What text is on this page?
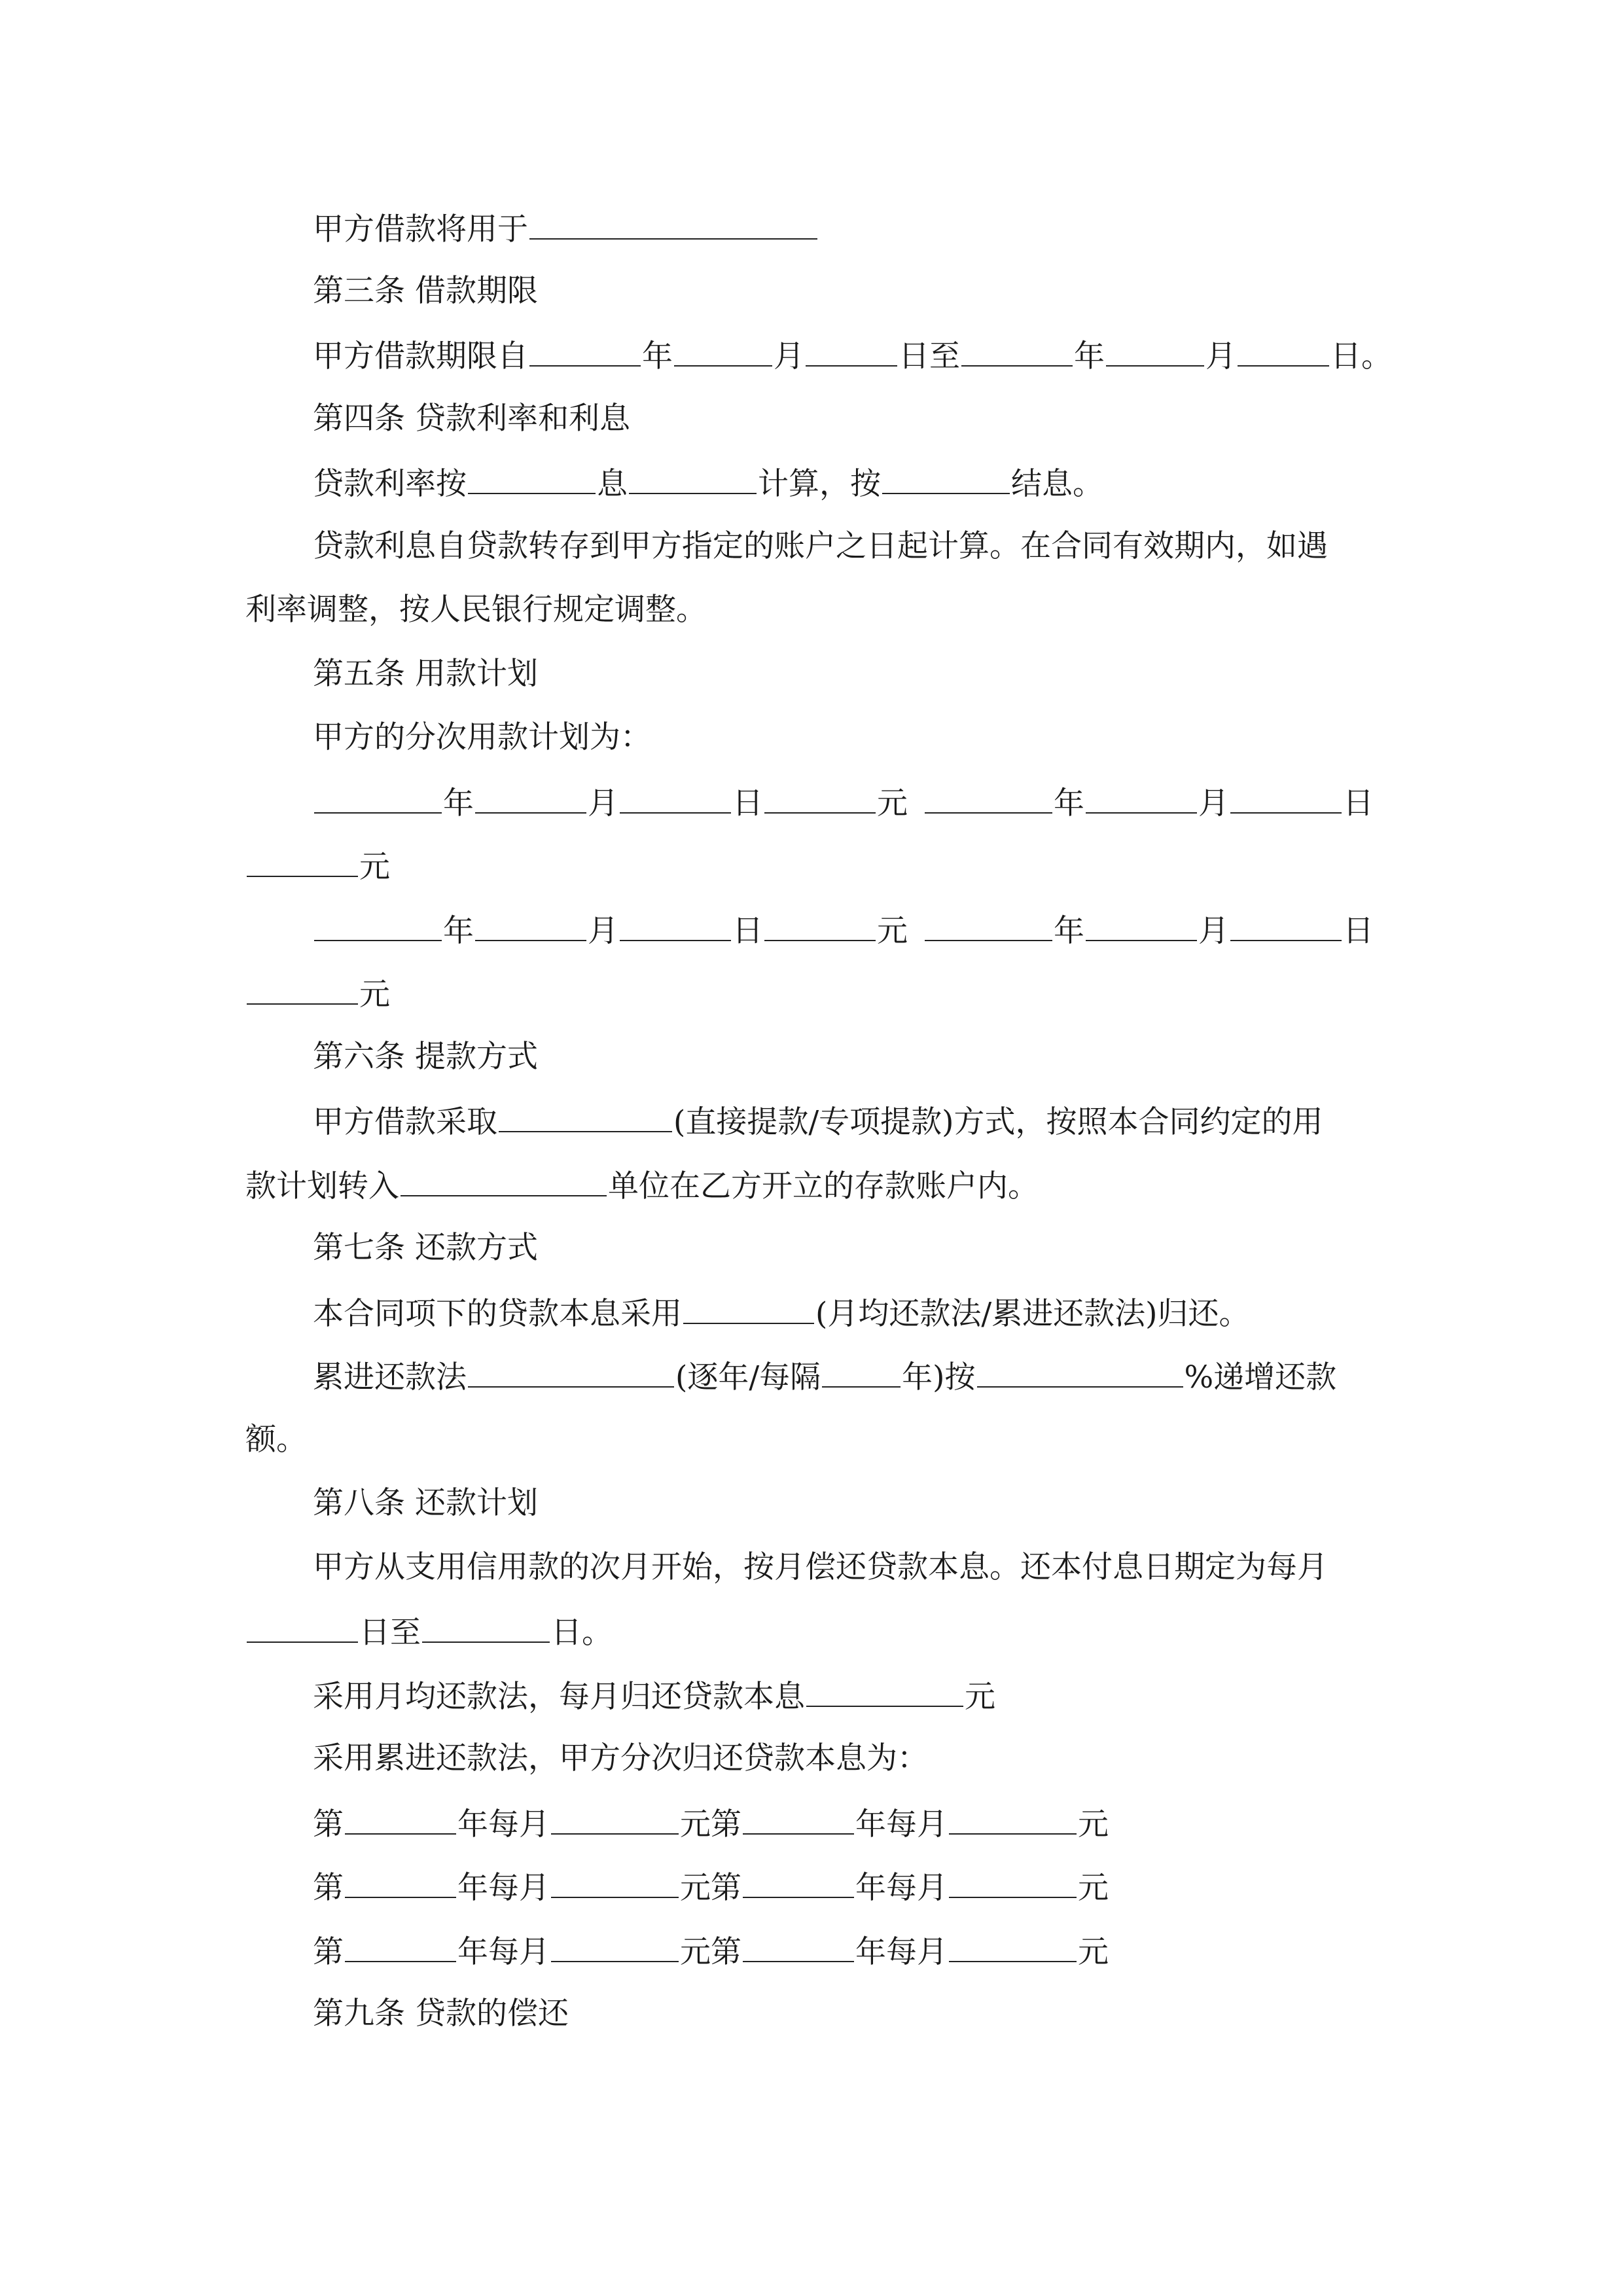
甲方借款将用于
第三条 借款期限
甲方借款期限自	年	月	日至	年	月	日。
第四条 贷款利率和利息
贷款利率按	息	计算，按	结息。
贷款利息自贷款转存到甲方指定的账户之日起计算。在合同有效期内，如遇
利率调整，按人民银行规定调整。
第五条 用款计划
甲方的分次用款计划为：
年	月	日	元	年	月	日
元
年	月	日	元	年	月	日
元
第六条 提款方式
甲方借款采取	(直接提款/专项提款)方式，按照本合同约定的用
款计划转入	单位在乙方开立的存款账户内。
第七条 还款方式
本合同项下的贷款本息采用	(月均还款法/累进还款法)归还。
累进还款法	(逐年/每隔	年)按	%递增还款
额。
第八条 还款计划
甲方从支用信用款的次月开始，按月偿还贷款本息。还本付息日期定为每月
日至	日。
采用月均还款法，每月归还贷款本息	元
采用累进还款法，甲方分次归还贷款本息为：
第	年每月	元第	年每月	元
第	年每月	元第	年每月	元
第	年每月	元第	年每月	元
第九条 贷款的偿还
